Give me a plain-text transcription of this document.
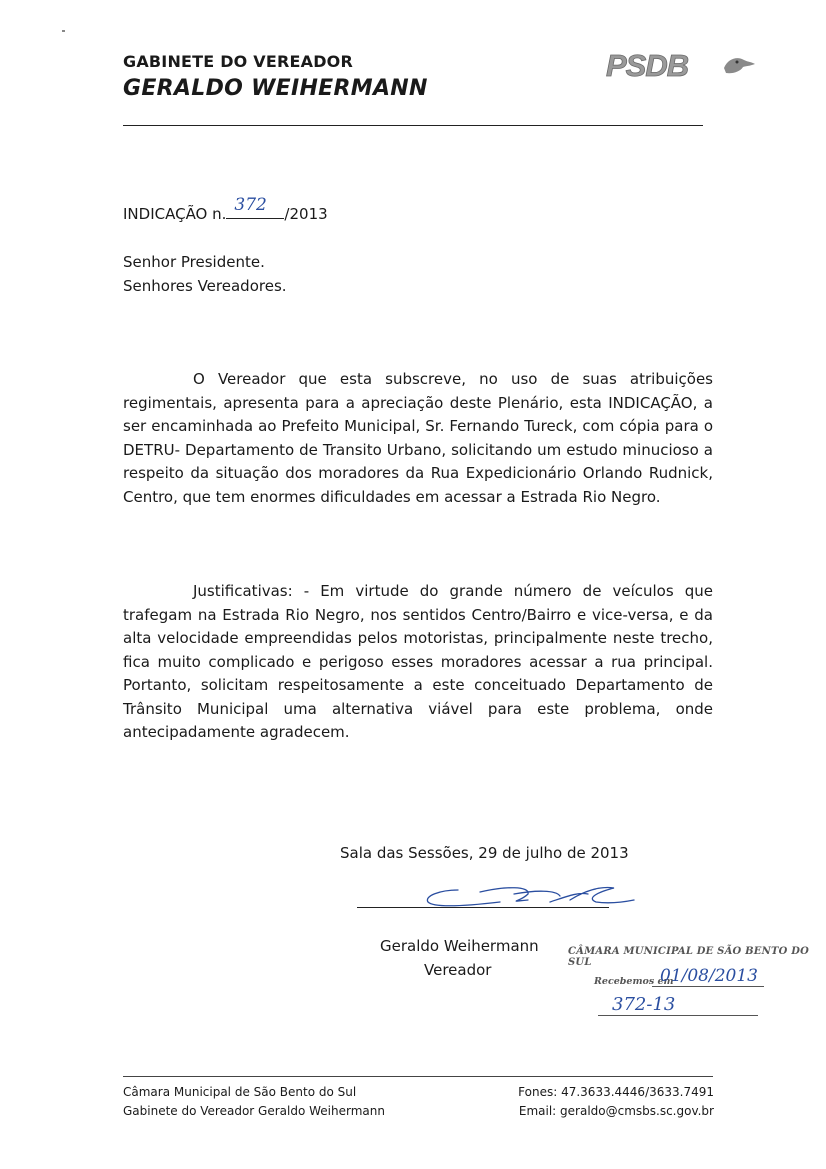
GABINETE DO VEREADOR
GERALDO WEIHERMANN
PSDB
INDICAÇÃO n. 372 /2013
Senhor Presidente.
Senhores Vereadores.
O Vereador que esta subscreve, no uso de suas atribuições regimentais, apresenta para a apreciação deste Plenário, esta INDICAÇÃO, a ser encaminhada ao Prefeito Municipal, Sr. Fernando Tureck, com cópia para o DETRU- Departamento de Transito Urbano, solicitando um estudo minucioso a respeito da situação dos moradores da Rua Expedicionário Orlando Rudnick, Centro, que tem enormes dificuldades em acessar a Estrada Rio Negro.
Justificativas: - Em virtude do grande número de veículos que trafegam na Estrada Rio Negro, nos sentidos Centro/Bairro e vice-versa, e da alta velocidade empreendidas pelos motoristas, principalmente neste trecho, fica muito complicado e perigoso esses moradores acessar a rua principal. Portanto, solicitam respeitosamente a este conceituado Departamento de Trânsito Municipal uma alternativa viável para este problema, onde antecipadamente agradecem.
Sala das Sessões, 29 de julho de 2013
Geraldo Weihermann
Vereador
CÂMARA MUNICIPAL DE SÃO BENTO DO SUL
Recebemos em
01/08/2013
372-13
Câmara Municipal de São Bento do Sul
Gabinete do Vereador Geraldo Weihermann
Fones: 47.3633.4446/3633.7491
Email: geraldo@cmsbs.sc.gov.br
